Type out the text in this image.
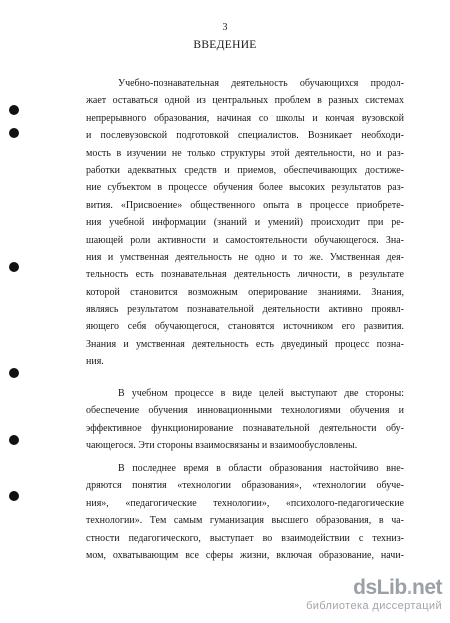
3
ВВЕДЕНИЕ
Учебно-познавательная деятельность обучающихся продол-
жает оставаться одной из центральных проблем в разных системах
непрерывного образования, начиная со школы и кончая вузовской
и послевузовской подготовкой специалистов. Возникает необходи-
мость в изучении не только структуры этой деятельности, но и раз-
работки адекватных средств и приемов, обеспечивающих достиже-
ние субъектом в процессе обучения более высоких результатов раз-
вития. «Присвоение» общественного опыта в процессе приобрете-
ния учебной информации (знаний и умений) происходит при ре-
шающей роли активности и самостоятельности обучающегося. Зна-
ния и умственная деятельность не одно и то же. Умственная дея-
тельность есть познавательная деятельность личности, в результате
которой становится возможным оперирование знаниями. Знания,
являясь результатом познавательной деятельности активно проявл-
яющего себя обучающегося, становятся источником его развития.
Знания и умственная деятельность есть двуединый процесс позна-
ния.
В учебном процессе в виде целей выступают две стороны:
обеспечение обучения инновационными технологиями обучения и
эффективное функционирование познавательной деятельности обу-
чающегося. Эти стороны взаимосвязаны и взаимообусловлены.
В последнее время в области образования настойчиво вне-
дряются понятия «технологии образования», «технологии обуче-
ния», «педагогические технологии», «психолого-педагогические
технологии». Тем самым гуманизация высшего образования, в ча-
стности педагогического, выступает во взаимодействии с техниз-
мом, охватывающим все сферы жизни, включая образование, начи-
dsLib.net
библиотека диссертаций
